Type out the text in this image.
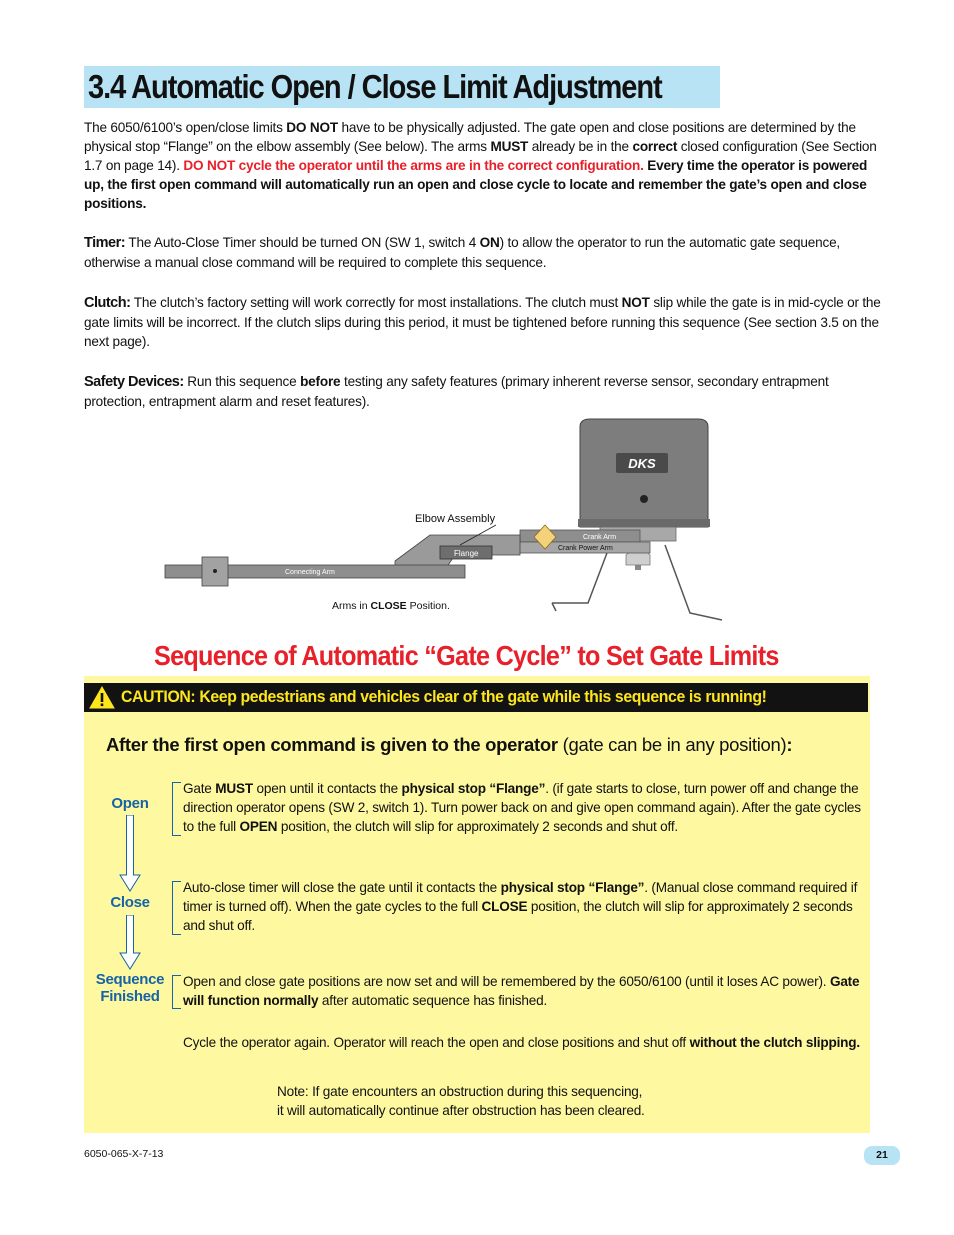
3.4 Automatic Open / Close Limit Adjustment
The 6050/6100’s open/close limits DO NOT have to be physically adjusted. The gate open and close positions are determined by the physical stop “Flange” on the elbow assembly (See below). The arms MUST already be in the correct closed configuration (See Section 1.7 on page 14). DO NOT cycle the operator until the arms are in the correct configuration. Every time the operator is powered up, the first open command will automatically run an open and close cycle to locate and remember the gate’s open and close positions.
Timer: The Auto-Close Timer should be turned ON (SW 1, switch 4 ON) to allow the operator to run the automatic gate sequence, otherwise a manual close command will be required to complete this sequence.
Clutch: The clutch’s factory setting will work correctly for most installations. The clutch must NOT slip while the gate is in mid-cycle or the gate limits will be incorrect. If the clutch slips during this period, it must be tightened before running this sequence (See section 3.5 on the next page).
Safety Devices: Run this sequence before testing any safety features (primary inherent reverse sensor, secondary entrapment protection, entrapment alarm and reset features).
DKS
Crank Arm
Crank Power Arm
Flange
Connecting Arm
Elbow Assembly
Arms in CLOSE Position.
Sequence of Automatic “Gate Cycle” to Set Gate Limits
CAUTION: Keep pedestrians and vehicles clear of the gate while this sequence is running!
After the first open command is given to the operator (gate can be in any position):
Open
Close
Sequence
Finished
Gate MUST open until it contacts the physical stop “Flange”. (if gate starts to close, turn power off and change the direction operator opens (SW 2, switch 1). Turn power back on and give open command again). After the gate cycles to the full OPEN position, the clutch will slip for approximately 2 seconds and shut off.
Auto-close timer will close the gate until it contacts the physical stop “Flange”. (Manual close command required if timer is turned off). When the gate cycles to the full CLOSE position, the clutch will slip for approximately 2 seconds and shut off.
Open and close gate positions are now set and will be remembered by the 6050/6100 (until it loses AC power). Gate will function normally after automatic sequence has finished.
Cycle the operator again. Operator will reach the open and close positions and shut off without the clutch slipping.
Note: If gate encounters an obstruction during this sequencing,
it will automatically continue after obstruction has been cleared.
6050-065-X-7-13	21
